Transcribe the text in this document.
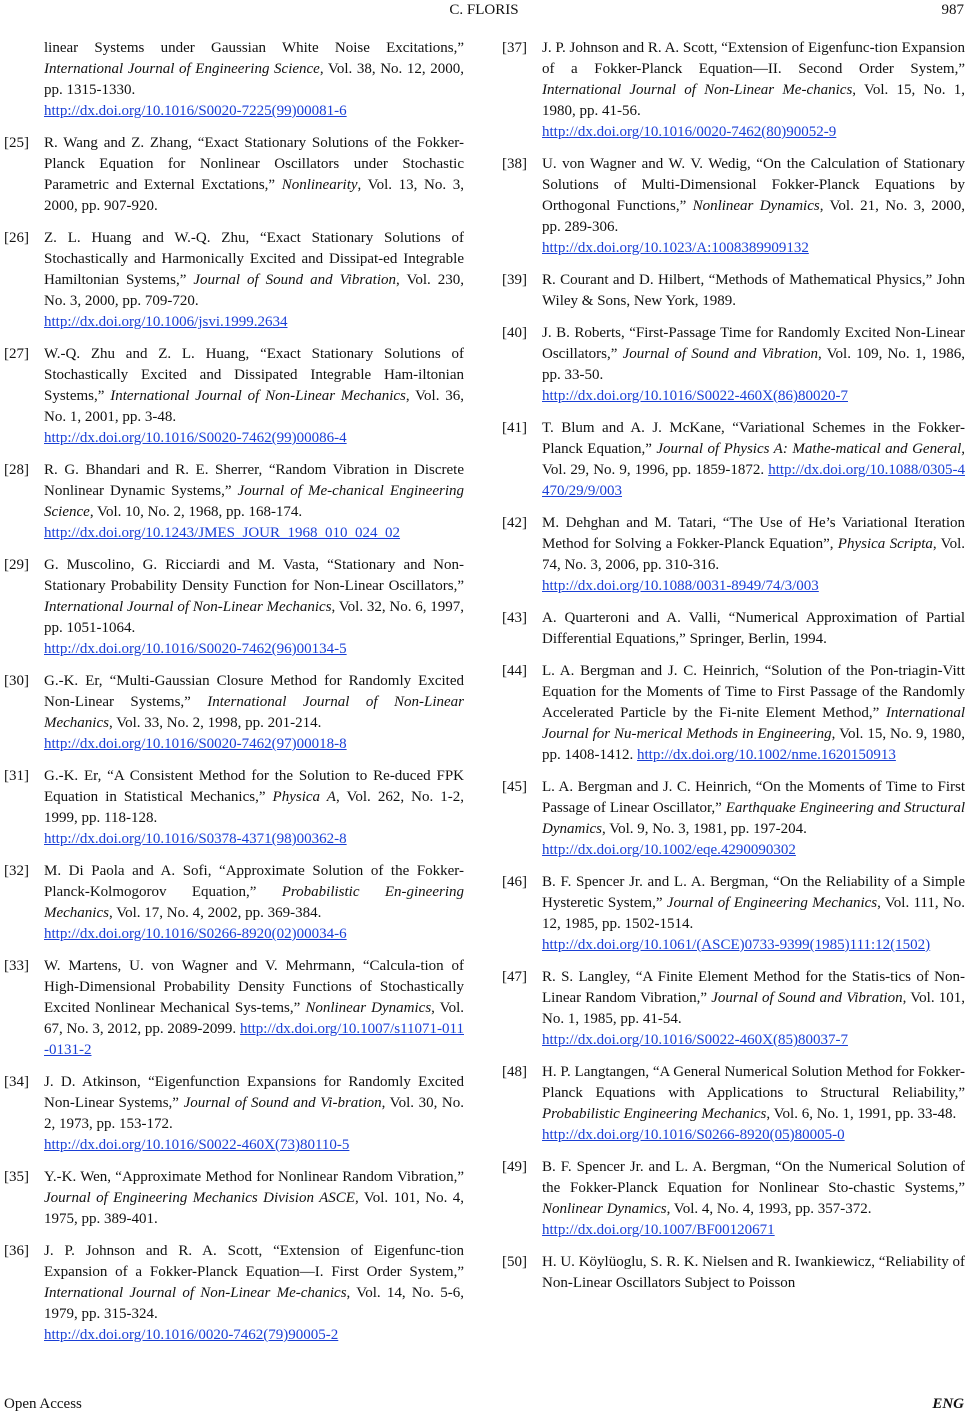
C. FLORIS	987
linear Systems under Gaussian White Noise Excitations,” International Journal of Engineering Science, Vol. 38, No. 12, 2000, pp. 1315-1330.
http://dx.doi.org/10.1016/S0020-7225(99)00081-6
[25] R. Wang and Z. Zhang, “Exact Stationary Solutions of the Fokker-Planck Equation for Nonlinear Oscillators under Stochastic Parametric and External Exctations,” Nonlinearity, Vol. 13, No. 3, 2000, pp. 907-920.
[26] Z. L. Huang and W.-Q. Zhu, “Exact Stationary Solutions of Stochastically and Harmonically Excited and Dissipat-ed Integrable Hamiltonian Systems,” Journal of Sound and Vibration, Vol. 230, No. 3, 2000, pp. 709-720.
http://dx.doi.org/10.1006/jsvi.1999.2634
[27] W.-Q. Zhu and Z. L. Huang, “Exact Stationary Solutions of Stochastically Excited and Dissipated Integrable Ham-iltonian Systems,” International Journal of Non-Linear Mechanics, Vol. 36, No. 1, 2001, pp. 3-48.
http://dx.doi.org/10.1016/S0020-7462(99)00086-4
[28] R. G. Bhandari and R. E. Sherrer, “Random Vibration in Discrete Nonlinear Dynamic Systems,” Journal of Me-chanical Engineering Science, Vol. 10, No. 2, 1968, pp. 168-174.
http://dx.doi.org/10.1243/JMES_JOUR_1968_010_024_02
[29] G. Muscolino, G. Ricciardi and M. Vasta, “Stationary and Non-Stationary Probability Density Function for Non-Linear Oscillators,” International Journal of Non-Linear Mechanics, Vol. 32, No. 6, 1997, pp. 1051-1064.
http://dx.doi.org/10.1016/S0020-7462(96)00134-5
[30] G.-K. Er, “Multi-Gaussian Closure Method for Randomly Excited Non-Linear Systems,” International Journal of Non-Linear Mechanics, Vol. 33, No. 2, 1998, pp. 201-214.
http://dx.doi.org/10.1016/S0020-7462(97)00018-8
[31] G.-K. Er, “A Consistent Method for the Solution to Re-duced FPK Equation in Statistical Mechanics,” Physica A, Vol. 262, No. 1-2, 1999, pp. 118-128.
http://dx.doi.org/10.1016/S0378-4371(98)00362-8
[32] M. Di Paola and A. Sofi, “Approximate Solution of the Fokker-Planck-Kolmogorov Equation,” Probabilistic En-gineering Mechanics, Vol. 17, No. 4, 2002, pp. 369-384.
http://dx.doi.org/10.1016/S0266-8920(02)00034-6
[33] W. Martens, U. von Wagner and V. Mehrmann, “Calcula-tion of High-Dimensional Probability Density Functions of Stochastically Excited Nonlinear Mechanical Sys-tems,” Nonlinear Dynamics, Vol. 67, No. 3, 2012, pp. 2089-2099. http://dx.doi.org/10.1007/s11071-011-0131-2
[34] J. D. Atkinson, “Eigenfunction Expansions for Randomly Excited Non-Linear Systems,” Journal of Sound and Vi-bration, Vol. 30, No. 2, 1973, pp. 153-172.
http://dx.doi.org/10.1016/S0022-460X(73)80110-5
[35] Y.-K. Wen, “Approximate Method for Nonlinear Random Vibration,” Journal of Engineering Mechanics Division ASCE, Vol. 101, No. 4, 1975, pp. 389-401.
[36] J. P. Johnson and R. A. Scott, “Extension of Eigenfunc-tion Expansion of a Fokker-Planck Equation—I. First Order System,” International Journal of Non-Linear Me-chanics, Vol. 14, No. 5-6, 1979, pp. 315-324.
http://dx.doi.org/10.1016/0020-7462(79)90005-2
[37] J. P. Johnson and R. A. Scott, “Extension of Eigenfunc-tion Expansion of a Fokker-Planck Equation—II. Second Order System,” International Journal of Non-Linear Me-chanics, Vol. 15, No. 1, 1980, pp. 41-56.
http://dx.doi.org/10.1016/0020-7462(80)90052-9
[38] U. von Wagner and W. V. Wedig, “On the Calculation of Stationary Solutions of Multi-Dimensional Fokker-Planck Equations by Orthogonal Functions,” Nonlinear Dynamics, Vol. 21, No. 3, 2000, pp. 289-306.
http://dx.doi.org/10.1023/A:1008389909132
[39] R. Courant and D. Hilbert, “Methods of Mathematical Physics,” John Wiley & Sons, New York, 1989.
[40] J. B. Roberts, “First-Passage Time for Randomly Excited Non-Linear Oscillators,” Journal of Sound and Vibration, Vol. 109, No. 1, 1986, pp. 33-50.
http://dx.doi.org/10.1016/S0022-460X(86)80020-7
[41] T. Blum and A. J. McKane, “Variational Schemes in the Fokker-Planck Equation,” Journal of Physics A: Mathe-matical and General, Vol. 29, No. 9, 1996, pp. 1859-1872. http://dx.doi.org/10.1088/0305-4470/29/9/003
[42] M. Dehghan and M. Tatari, “The Use of He’s Variational Iteration Method for Solving a Fokker-Planck Equation”, Physica Scripta, Vol. 74, No. 3, 2006, pp. 310-316.
http://dx.doi.org/10.1088/0031-8949/74/3/003
[43] A. Quarteroni and A. Valli, “Numerical Approximation of Partial Differential Equations,” Springer, Berlin, 1994.
[44] L. A. Bergman and J. C. Heinrich, “Solution of the Pon-triagin-Vitt Equation for the Moments of Time to First Passage of the Randomly Accelerated Particle by the Fi-nite Element Method,” International Journal for Nu-merical Methods in Engineering, Vol. 15, No. 9, 1980, pp. 1408-1412. http://dx.doi.org/10.1002/nme.1620150913
[45] L. A. Bergman and J. C. Heinrich, “On the Moments of Time to First Passage of Linear Oscillator,” Earthquake Engineering and Structural Dynamics, Vol. 9, No. 3, 1981, pp. 197-204.
http://dx.doi.org/10.1002/eqe.4290090302
[46] B. F. Spencer Jr. and L. A. Bergman, “On the Reliability of a Simple Hysteretic System,” Journal of Engineering Mechanics, Vol. 111, No. 12, 1985, pp. 1502-1514.
http://dx.doi.org/10.1061/(ASCE)0733-9399(1985)111:12(1502)
[47] R. S. Langley, “A Finite Element Method for the Statis-tics of Non-Linear Random Vibration,” Journal of Sound and Vibration, Vol. 101, No. 1, 1985, pp. 41-54.
http://dx.doi.org/10.1016/S0022-460X(85)80037-7
[48] H. P. Langtangen, “A General Numerical Solution Method for Fokker-Planck Equations with Applications to Structural Reliability,” Probabilistic Engineering Mechanics, Vol. 6, No. 1, 1991, pp. 33-48.
http://dx.doi.org/10.1016/S0266-8920(05)80005-0
[49] B. F. Spencer Jr. and L. A. Bergman, “On the Numerical Solution of the Fokker-Planck Equation for Nonlinear Sto-chastic Systems,” Nonlinear Dynamics, Vol. 4, No. 4, 1993, pp. 357-372.
http://dx.doi.org/10.1007/BF00120671
[50] H. U. Köylüoglu, S. R. K. Nielsen and R. Iwankiewicz, “Reliability of Non-Linear Oscillators Subject to Poisson
Open Access	ENG
